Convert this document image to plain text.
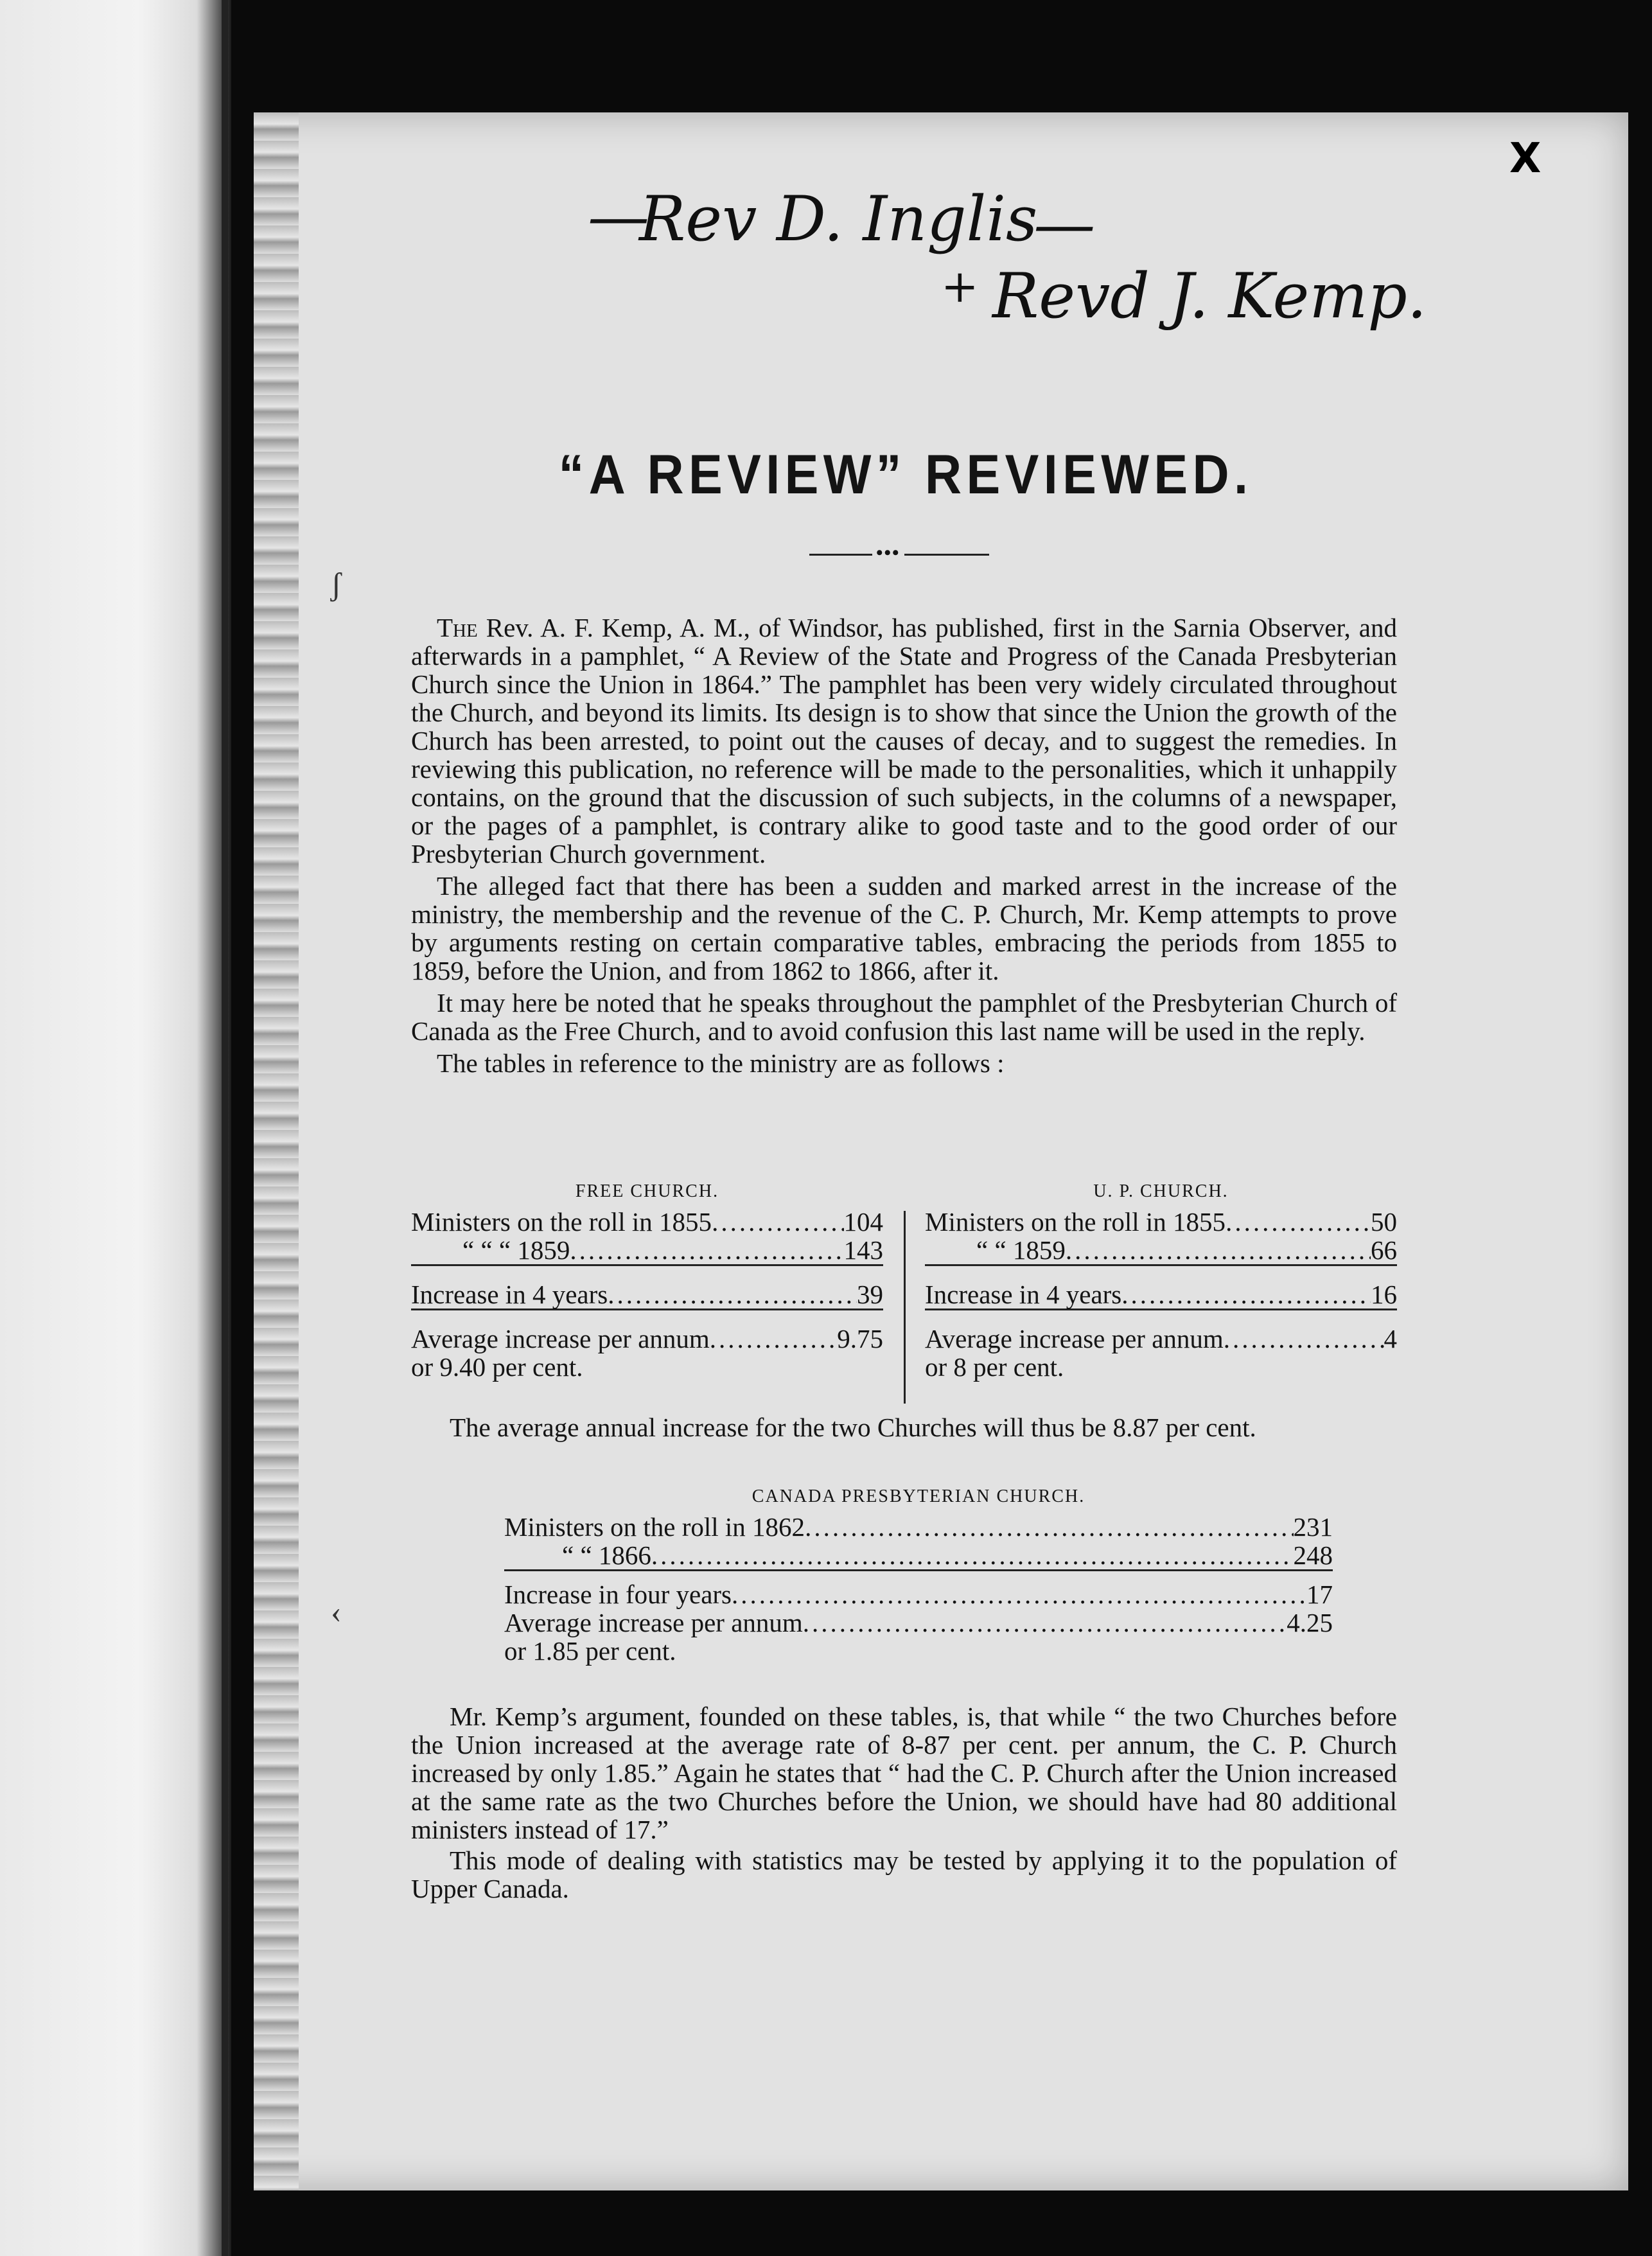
X
— Rev D. Inglis —
+ Revd J. Kemp.
“A REVIEW” REVIEWED.
•••

The Rev. A. F. Kemp, A. M., of Windsor, has published, first in the Sarnia Observer, and afterwards in a pamphlet, “ A Review of the State and Progress of the Canada Presbyterian Church since the Union in 1864.” The pamphlet has been very widely circulated throughout the Church, and beyond its limits. Its design is to show that since the Union the growth of the Church has been arrested, to point out the causes of decay, and to suggest the remedies. In reviewing this publication, no reference will be made to the personalities, which it unhappily contains, on the ground that the discussion of such subjects, in the columns of a newspaper, or the pages of a pamphlet, is contrary alike to good taste and to the good order of our Presbyterian Church government.

The alleged fact that there has been a sudden and marked arrest in the increase of the ministry, the membership and the revenue of the C. P. Church, Mr. Kemp attempts to prove by arguments resting on certain comparative tables, embracing the periods from 1855 to 1859, before the Union, and from 1862 to 1866, after it.

It may here be noted that he speaks throughout the pamphlet of the Presbyterian Church of Canada as the Free Church, and to avoid confusion this last name will be used in the reply.

The tables in reference to the ministry are as follows :

FREE CHURCH.
Ministers on the roll in 1855 .....	104
“ “ “ 1859 .....	143
Increase in 4 years .....	39
Average increase per annum .....	9.75
or 9.40 per cent.
U. P. CHURCH.
Ministers on the roll in 1855 .....	50
“ “ 1859 .....	66
Increase in 4 years .....	16
Average increase per annum .....	4
or 8 per cent.
The average annual increase for the two Churches will thus be 8.87 per cent.
CANADA PRESBYTERIAN CHURCH.
Ministers on the roll in 1862 .....	231
“ “ 1866 .....	248
Increase in four years .....	17
Average increase per annum .....	4.25
or 1.85 per cent.

Mr. Kemp’s argument, founded on these tables, is, that while “ the two Churches before the Union increased at the average rate of 8-87 per cent. per annum, the C. P. Church increased by only 1.85.” Again he states that “ had the C. P. Church after the Union increased at the same rate as the two Churches before the Union, we should have had 80 additional ministers instead of 17.”

This mode of dealing with statistics may be tested by applying it to the population of Upper Canada.

ʃ
‹
